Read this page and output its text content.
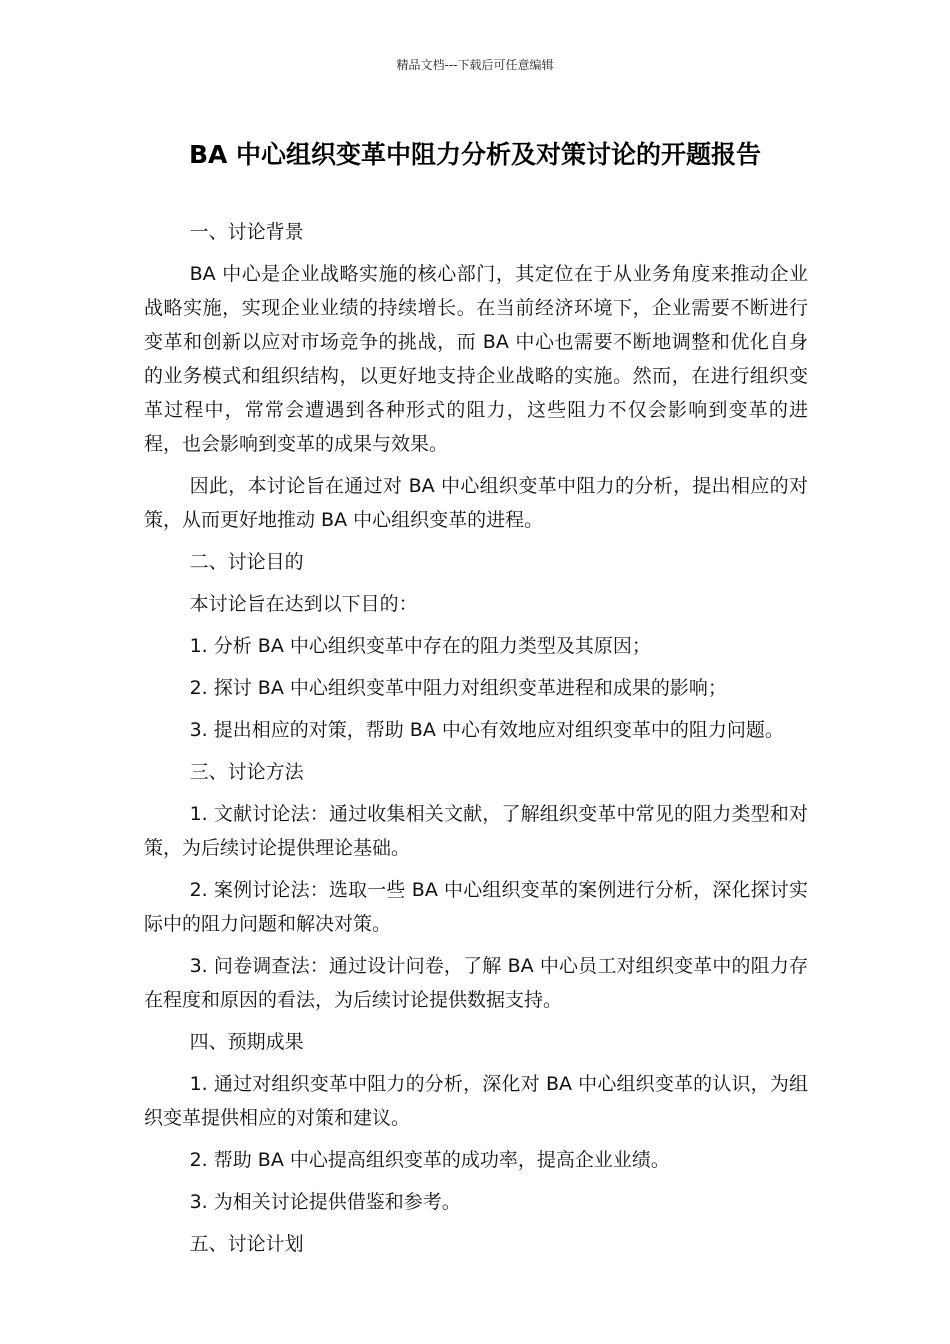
精品文档---下载后可任意编辑
BA 中心组织变革中阻力分析及对策讨论的开题报告

一、讨论背景

BA 中心是企业战略实施的核心部门，其定位在于从业务角度来推动企业战略实施，实现企业业绩的持续增长。在当前经济环境下，企业需要不断进行变革和创新以应对市场竞争的挑战，而 BA 中心也需要不断地调整和优化自身的业务模式和组织结构，以更好地支持企业战略的实施。然而，在进行组织变革过程中，常常会遭遇到各种形式的阻力，这些阻力不仅会影响到变革的进程，也会影响到变革的成果与效果。

因此，本讨论旨在通过对 BA 中心组织变革中阻力的分析，提出相应的对策，从而更好地推动 BA 中心组织变革的进程。

二、讨论目的

本讨论旨在达到以下目的：

1. 分析 BA 中心组织变革中存在的阻力类型及其原因；

2. 探讨 BA 中心组织变革中阻力对组织变革进程和成果的影响；

3. 提出相应的对策，帮助 BA 中心有效地应对组织变革中的阻力问题。

三、讨论方法

1. 文献讨论法：通过收集相关文献，了解组织变革中常见的阻力类型和对策，为后续讨论提供理论基础。

2. 案例讨论法：选取一些 BA 中心组织变革的案例进行分析，深化探讨实际中的阻力问题和解决对策。

3. 问卷调查法：通过设计问卷，了解 BA 中心员工对组织变革中的阻力存在程度和原因的看法，为后续讨论提供数据支持。

四、预期成果

1. 通过对组织变革中阻力的分析，深化对 BA 中心组织变革的认识，为组织变革提供相应的对策和建议。

2. 帮助 BA 中心提高组织变革的成功率，提高企业业绩。

3. 为相关讨论提供借鉴和参考。

五、讨论计划
